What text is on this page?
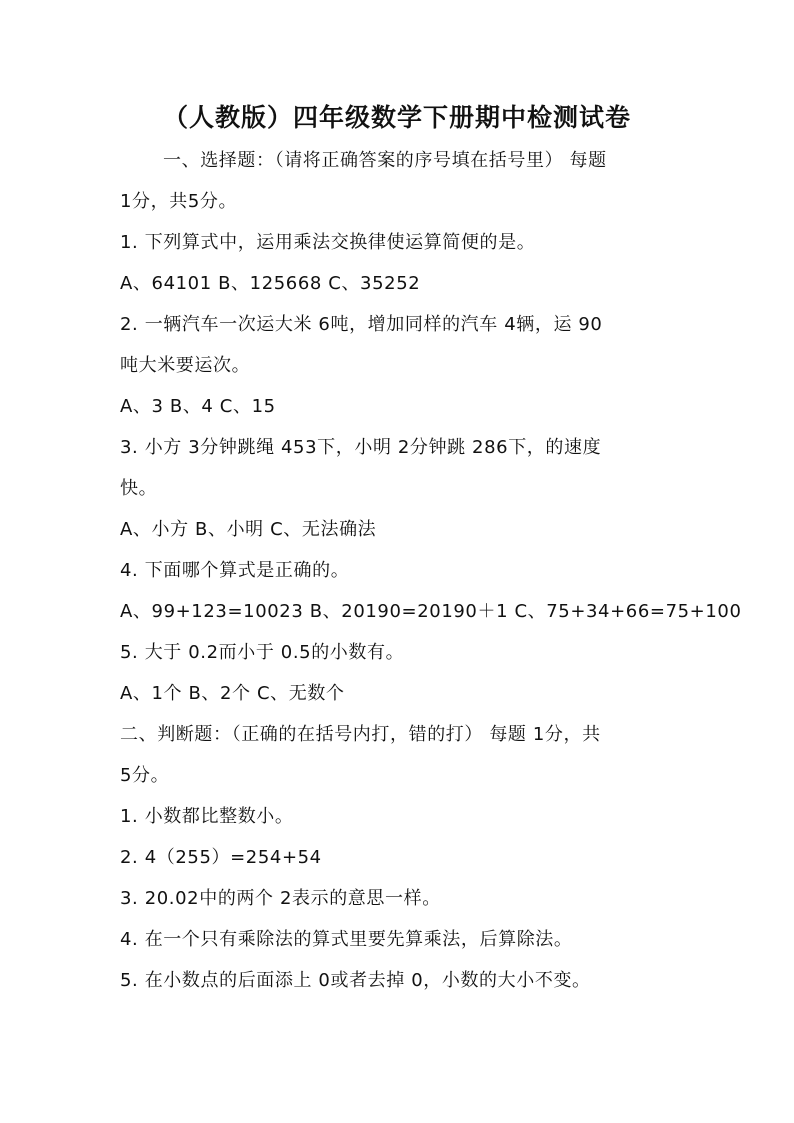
（人教版）四年级数学下册期中检测试卷
一、选择题：（请将正确答案的序号填在括号里） 每题
1分，共5分。
1. 下列算式中，运用乘法交换律使运算简便的是。
A、64101 B、125668 C、35252
2. 一辆汽车一次运大米 6吨，增加同样的汽车 4辆，运 90
吨大米要运次。
A、3 B、4 C、15
3. 小方 3分钟跳绳 453下，小明 2分钟跳 286下，的速度
快。
A、小方 B、小明 C、无法确法
4. 下面哪个算式是正确的。
A、99+123=10023 B、20190=20190＋1 C、75+34+66=75+100
5. 大于 0.2而小于 0.5的小数有。
A、1个 B、2个 C、无数个
二、判断题：（正确的在括号内打，错的打） 每题 1分，共
5分。
1. 小数都比整数小。
2. 4（255）=254+54
3. 20.02中的两个 2表示的意思一样。
4. 在一个只有乘除法的算式里要先算乘法，后算除法。
5. 在小数点的后面添上 0或者去掉 0，小数的大小不变。
